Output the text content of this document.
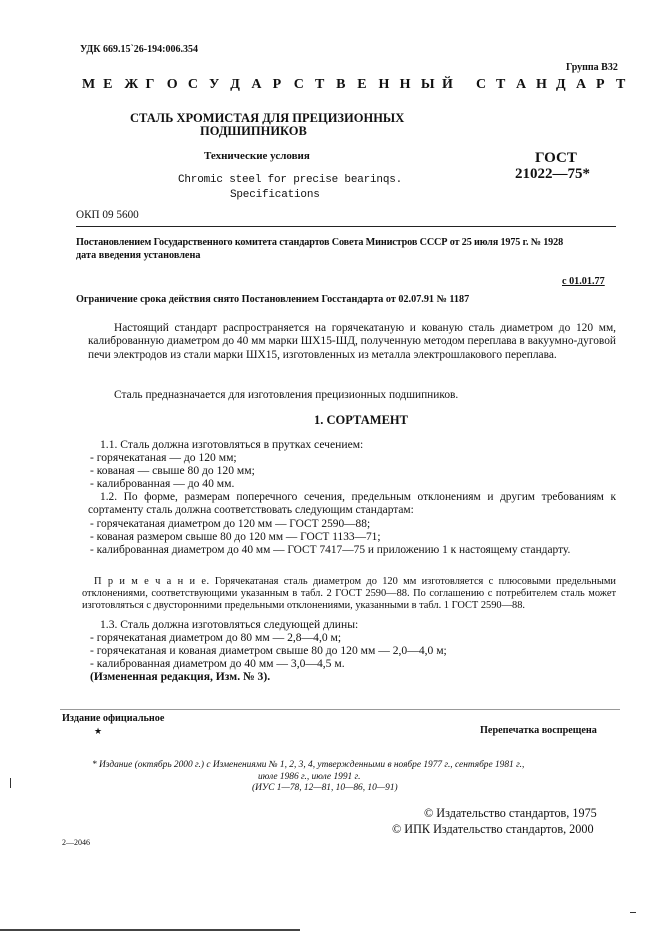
УДК 669.15`26-194:006.354
Группа В32
М Е Ж Г О С У Д А Р С Т В Е Н Н Ы Й С Т А Н Д А Р Т
СТАЛЬ ХРОМИСТАЯ ДЛЯ ПРЕЦИЗИОННЫХ
ПОДШИПНИКОВ
Технические условия
Chromic steel for precise bearinqs.
Specifications
ГОСТ
21022—75*
ОКП 09 5600
Постановлением Государственного комитета стандартов Совета Министров СССР от 25 июля 1975 г. № 1928
дата введения установлена
с 01.01.77
Ограничение срока действия снято Постановлением Госстандарта от 02.07.91 № 1187
Настоящий стандарт распространяется на горячекатаную и кованую сталь диаметром до 120 мм, калиброванную диаметром до 40 мм марки ШХ15-ШД, полученную методом переплава в вакуумно-дуговой печи электродов из стали марки ШХ15, изготовленных из металла электрошлакового переплава.
Сталь предназначается для изготовления прецизионных подшипников.
1. СОРТАМЕНТ
1.1. Сталь должна изготовляться в прутках сечением:
- горячекатаная — до 120 мм;
- кованая — свыше 80 до 120 мм;
- калиброванная — до 40 мм.
1.2. По форме, размерам поперечного сечения, предельным отклонениям и другим требованиям к сортаменту сталь должна соответствовать следующим стандартам:
- горячекатаная диаметром до 120 мм — ГОСТ 2590—88;
- кованая размером свыше 80 до 120 мм — ГОСТ 1133—71;
- калиброванная диаметром до 40 мм — ГОСТ 7417—75 и приложению 1 к настоящему стандарту.
П р и м е ч а н и е. Горячекатаная сталь диаметром до 120 мм изготовляется с плюсовыми предельными отклонениями, соответствующими указанным в табл. 2 ГОСТ 2590—88. По соглашению с потребителем сталь может изготовляться с двусторонними предельными отклонениями, указанными в табл. 1 ГОСТ 2590—88.
1.3. Сталь должна изготовляться следующей длины:
- горячекатаная диаметром до 80 мм — 2,8—4,0 м;
- горячекатаная и кованая диаметром свыше 80 до 120 мм — 2,0—4,0 м;
- калиброванная диаметром до 40 мм — 3,0—4,5 м.
(Измененная редакция, Изм. № 3).
Издание официальное
★	Перепечатка воспрещена
* Издание (октябрь 2000 г.) с Изменениями № 1, 2, 3, 4, утвержденными в ноябре 1977 г., сентябре 1981 г.,
июле 1986 г., июле 1991 г.
(ИУС 1—78, 12—81, 10—86, 10—91)
© Издательство стандартов, 1975
© ИПК Издательство стандартов, 2000
2—2046
